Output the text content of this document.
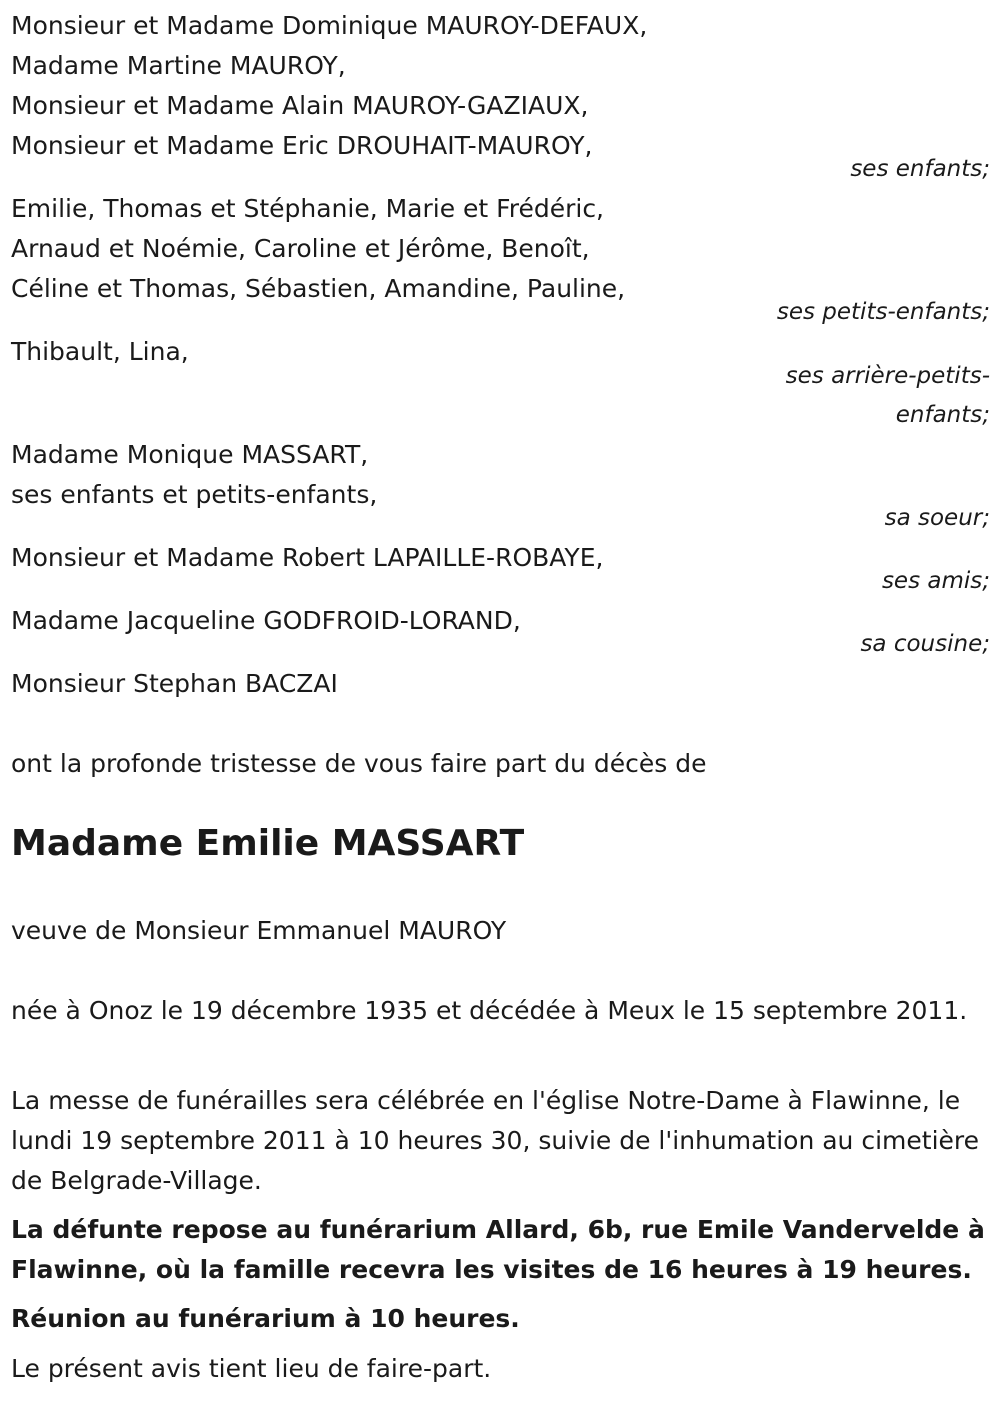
Monsieur et Madame Dominique MAUROY-DEFAUX,
Madame Martine MAUROY,
Monsieur et Madame Alain MAUROY-GAZIAUX,
Monsieur et Madame Eric DROUHAIT-MAUROY,
ses enfants;
Emilie, Thomas et Stéphanie, Marie et Frédéric,
Arnaud et Noémie, Caroline et Jérôme, Benoît,
Céline et Thomas, Sébastien, Amandine, Pauline,
ses petits-enfants;
Thibault, Lina,
ses arrière-petits-
enfants;
Madame Monique MASSART,
ses enfants et petits-enfants,
sa soeur;
Monsieur et Madame Robert LAPAILLE-ROBAYE,
ses amis;
Madame Jacqueline GODFROID-LORAND,
sa cousine;
Monsieur Stephan BACZAI
ont la profonde tristesse de vous faire part du décès de
Madame Emilie MASSART
veuve de Monsieur Emmanuel MAUROY
née à Onoz le 19 décembre 1935 et décédée à Meux le 15 septembre 2011.
La messe de funérailles sera célébrée en l'église Notre-Dame à Flawinne, le lundi 19 septembre 2011 à 10 heures 30, suivie de l'inhumation au cimetière de Belgrade-Village.
La défunte repose au funérarium Allard, 6b, rue Emile Vandervelde à Flawinne, où la famille recevra les visites de 16 heures à 19 heures.
Réunion au funérarium à 10 heures.
Le présent avis tient lieu de faire-part.
